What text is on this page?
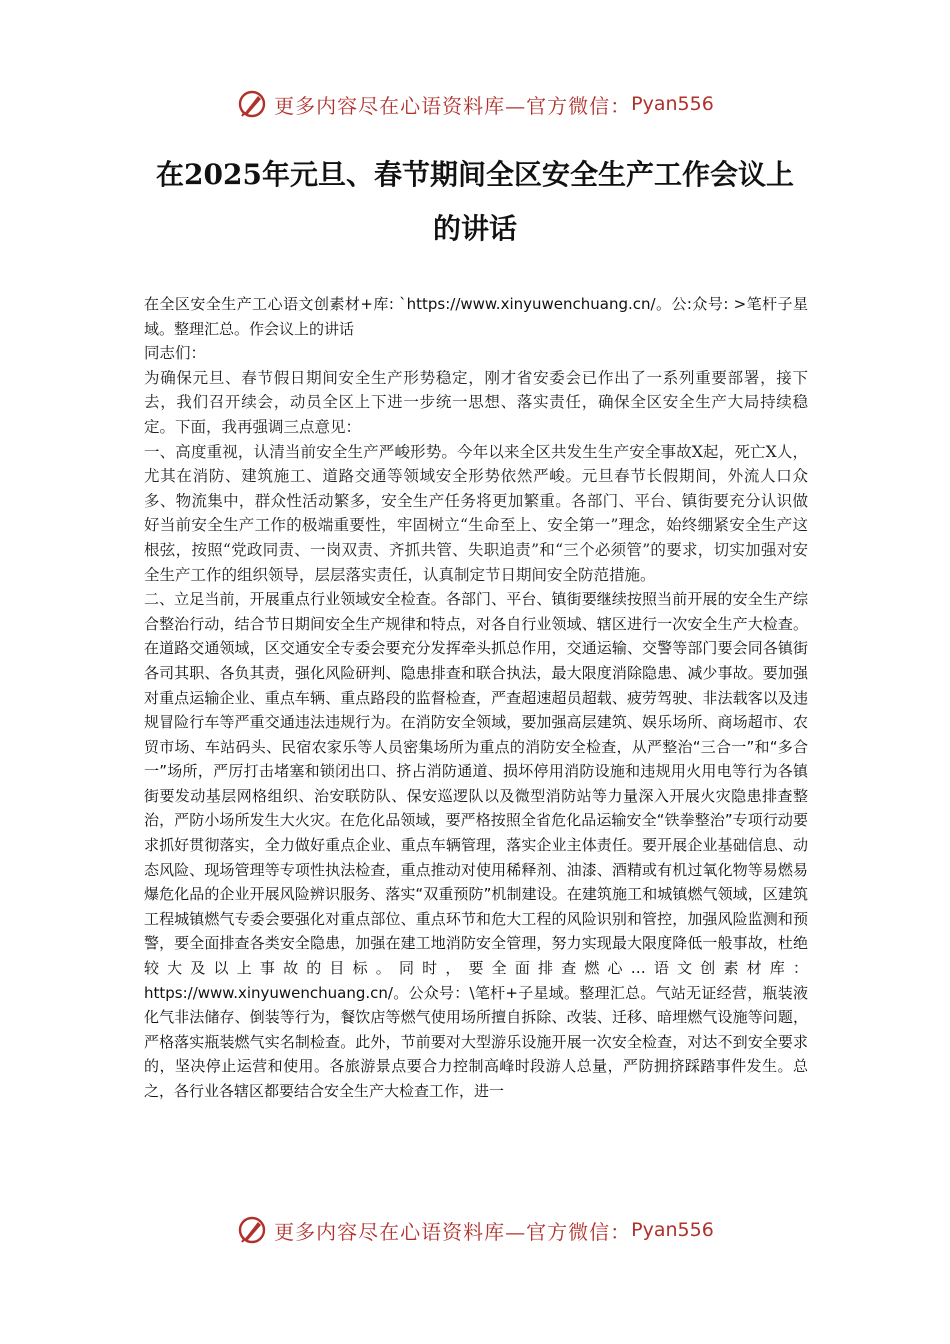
更多内容尽在心语资料库—官方微信： Pyan556
在2025年元旦、春节期间全区安全生产工作会议上
的讲话

在全区安全生产工心语文创素材+库: `https://www.xinyuwenchuang.cn/。公:众号: >笔杆子星域。整理汇总。作会议上的讲话

同志们：

为确保元旦、春节假日期间安全生产形势稳定，刚才省安委会已作出了一系列重要部署，接下去，我们召开续会，动员全区上下进一步统一思想、落实责任，确保全区安全生产大局持续稳定。下面，我再强调三点意见：

一、高度重视，认清当前安全生产严峻形势。今年以来全区共发生生产安全事故X起，死亡X人，尤其在消防、建筑施工、道路交通等领域安全形势依然严峻。元旦春节长假期间，外流人口众多、物流集中，群众性活动繁多，安全生产任务将更加繁重。各部门、平台、镇街要充分认识做好当前安全生产工作的极端重要性，牢固树立“生命至上、安全第一”理念，始终绷紧安全生产这根弦，按照“党政同责、一岗双责、齐抓共管、失职追责”和“三个必须管”的要求，切实加强对安全生产工作的组织领导，层层落实责任，认真制定节日期间安全防范措施。

二、立足当前，开展重点行业领域安全检查。各部门、平台、镇街要继续按照当前开展的安全生产综合整治行动，结合节日期间安全生产规律和特点，对各自行业领域、辖区进行一次安全生产大检查。在道路交通领域，区交通安全专委会要充分发挥牵头抓总作用，交通运输、交警等部门要会同各镇街各司其职、各负其责，强化风险研判、隐患排查和联合执法，最大限度消除隐患、减少事故。要加强对重点运输企业、重点车辆、重点路段的监督检查，严查超速超员超载、疲劳驾驶、非法载客以及违规冒险行车等严重交通违法违规行为。在消防安全领域，要加强高层建筑、娱乐场所、商场超市、农贸市场、车站码头、民宿农家乐等人员密集场所为重点的消防安全检查，从严整治“三合一”和“多合一”场所，严厉打击堵塞和锁闭出口、挤占消防通道、损坏停用消防设施和违规用火用电等行为各镇街要发动基层网格组织、治安联防队、保安巡逻队以及微型消防站等力量深入开展火灾隐患排查整治，严防小场所发生大火灾。在危化品领域，要严格按照全省危化品运输安全“铁拳整治”专项行动要求抓好贯彻落实，全力做好重点企业、重点车辆管理，落实企业主体责任。要开展企业基础信息、动态风险、现场管理等专项性执法检查，重点推动对使用稀释剂、油漆、酒精或有机过氧化物等易燃易爆危化品的企业开展风险辨识服务、落实“双重预防”机制建设。在建筑施工和城镇燃气领域，区建筑工程城镇燃气专委会要强化对重点部位、重点环节和危大工程的风险识别和管控，加强风险监测和预警，要全面排查各类安全隐患，加强在建工地消防安全管理，努力实现最大限度降低一般事故，杜绝较大及以上事故的目标。同时，要全面排查燃心…语文创素材库：https://www.xinyuwenchuang.cn/。公众号：\笔杆+子星域。整理汇总。气站无证经营，瓶装液化气非法储存、倒装等行为，餐饮店等燃气使用场所擅自拆除、改装、迁移、暗埋燃气设施等问题，严格落实瓶装燃气实名制检查。此外，节前要对大型游乐设施开展一次安全检查，对达不到安全要求的，坚决停止运营和使用。各旅游景点要合力控制高峰时段游人总量，严防拥挤踩踏事件发生。总之，各行业各辖区都要结合安全生产大检查工作，进一

更多内容尽在心语资料库—官方微信： Pyan556
